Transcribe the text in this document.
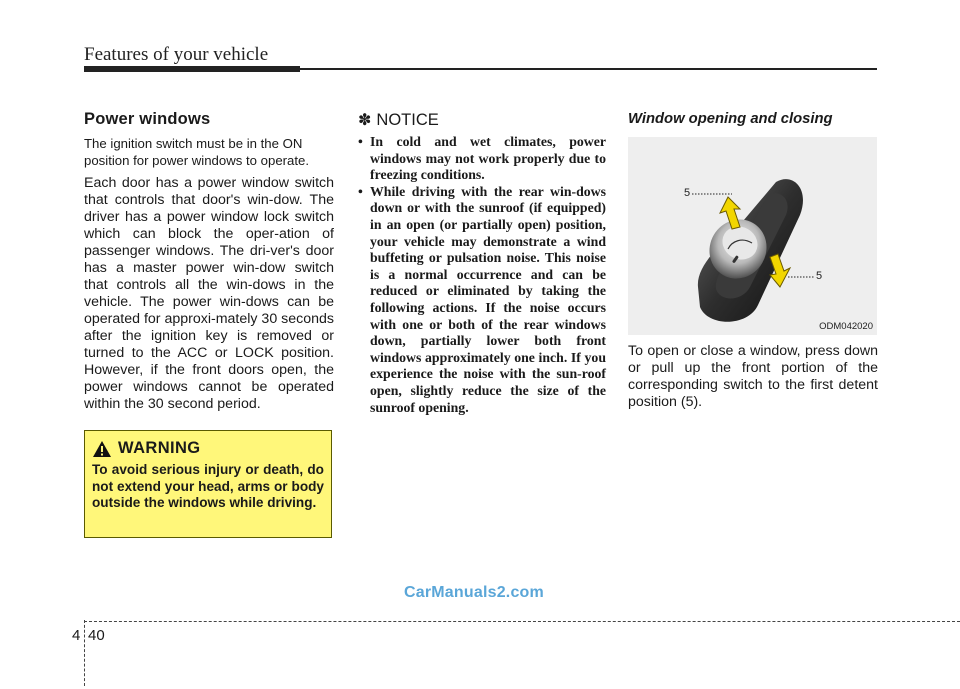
Features of your vehicle
Power windows

The ignition switch must be in the ON position for power windows to operate.

Each door has a power window switch that controls that door's win-dow. The driver has a power window lock switch which can block the oper-ation of passenger windows. The dri-ver's door has a master power win-dow switch that controls all the win-dows in the vehicle. The power win-dows can be operated for approxi-mately 30 seconds after the ignition key is removed or turned to the ACC or LOCK position. However, if the front doors open, the power windows cannot be operated within the 30 second period.

WARNING
To avoid serious injury or death, do not extend your head, arms or body outside the windows while driving.
✽ NOTICE
• In cold and wet climates, power windows may not work properly due to freezing conditions.
• While driving with the rear win-dows down or with the sunroof (if equipped) in an open (or partially open) position, your vehicle may demonstrate a wind buffeting or pulsation noise. This noise is a normal occurrence and can be reduced or eliminated by taking the following actions. If the noise occurs with one or both of the rear windows down, partially lower both front windows approximately one inch. If you experience the noise with the sun-roof open, slightly reduce the size of the sunroof opening.
Window opening and closing
5
5
ODM042020

To open or close a window, press down or pull up the front portion of the corresponding switch to the first detent position (5).

CarManuals2.com
4 40
